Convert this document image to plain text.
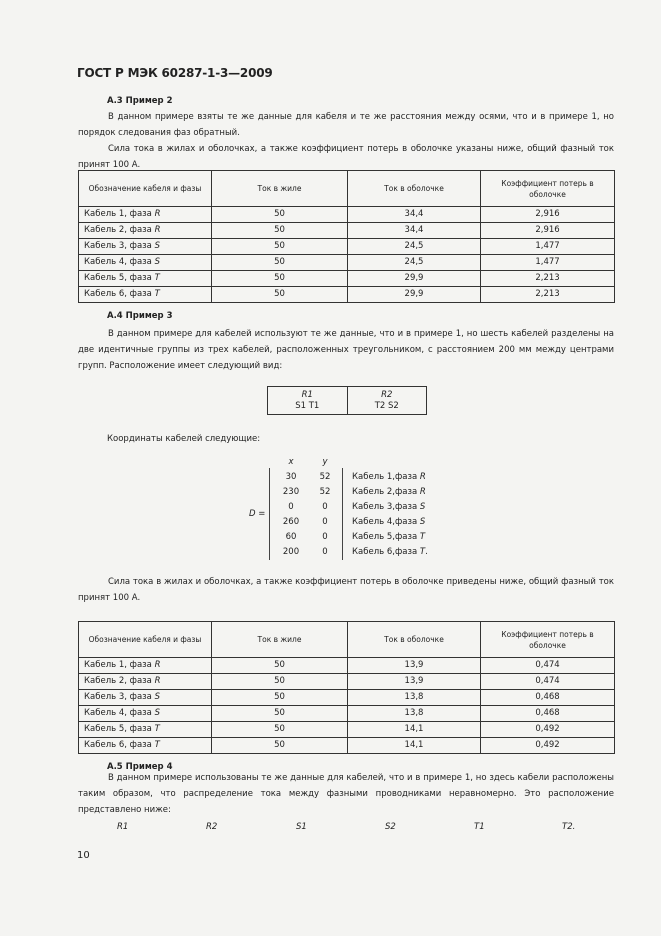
ГОСТ Р МЭК 60287-1-3—2009
А.3 Пример 2
В данном примере взяты те же данные для кабеля и те же расстояния между осями, что и в примере 1, но порядок следования фаз обратный.
Сила тока в жилах и оболочках, а также коэффициент потерь в оболочке указаны ниже, общий фазный ток принят 100 А.
Обозначение кабеля и фазы	Ток в жиле	Ток в оболочке	Коэффициент потерь в оболочке
Кабель 1, фаза R	50	34,4	2,916
Кабель 2, фаза R	50	34,4	2,916
Кабель 3, фаза S	50	24,5	1,477
Кабель 4, фаза S	50	24,5	1,477
Кабель 5, фаза T	50	29,9	2,213
Кабель 6, фаза T	50	29,9	2,213
А.4 Пример 3
В данном примере для кабелей используют те же данные, что и в примере 1, но шесть кабелей разделены на две идентичные группы из трех кабелей, расположенных треугольником, с расстоянием 200 мм между центрами групп. Расположение имеет следующий вид:
R1
S1 T1
R2
T2 S2
Координаты кабелей следующие:
x	y
D =
30	52	Кабель 1,фаза R
230	52	Кабель 2,фаза R
0	0	Кабель 3,фаза S
260	0	Кабель 4,фаза S
60	0	Кабель 5,фаза T
200	0	Кабель 6,фаза T.
Сила тока в жилах и оболочках, а также коэффициент потерь в оболочке приведены ниже, общий фазный ток принят 100 А.
Обозначение кабеля и фазы	Ток в жиле	Ток в оболочке	Коэффициент потерь в оболочке
Кабель 1, фаза R	50	13,9	0,474
Кабель 2, фаза R	50	13,9	0,474
Кабель 3, фаза S	50	13,8	0,468
Кабель 4, фаза S	50	13,8	0,468
Кабель 5, фаза T	50	14,1	0,492
Кабель 6, фаза T	50	14,1	0,492
А.5 Пример 4
В данном примере использованы те же данные для кабелей, что и в примере 1, но здесь кабели расположены таким образом, что распределение тока между фазными проводниками неравномерно. Это расположение представлено ниже:
R1	R2	S1	S2	T1	T2.
10
